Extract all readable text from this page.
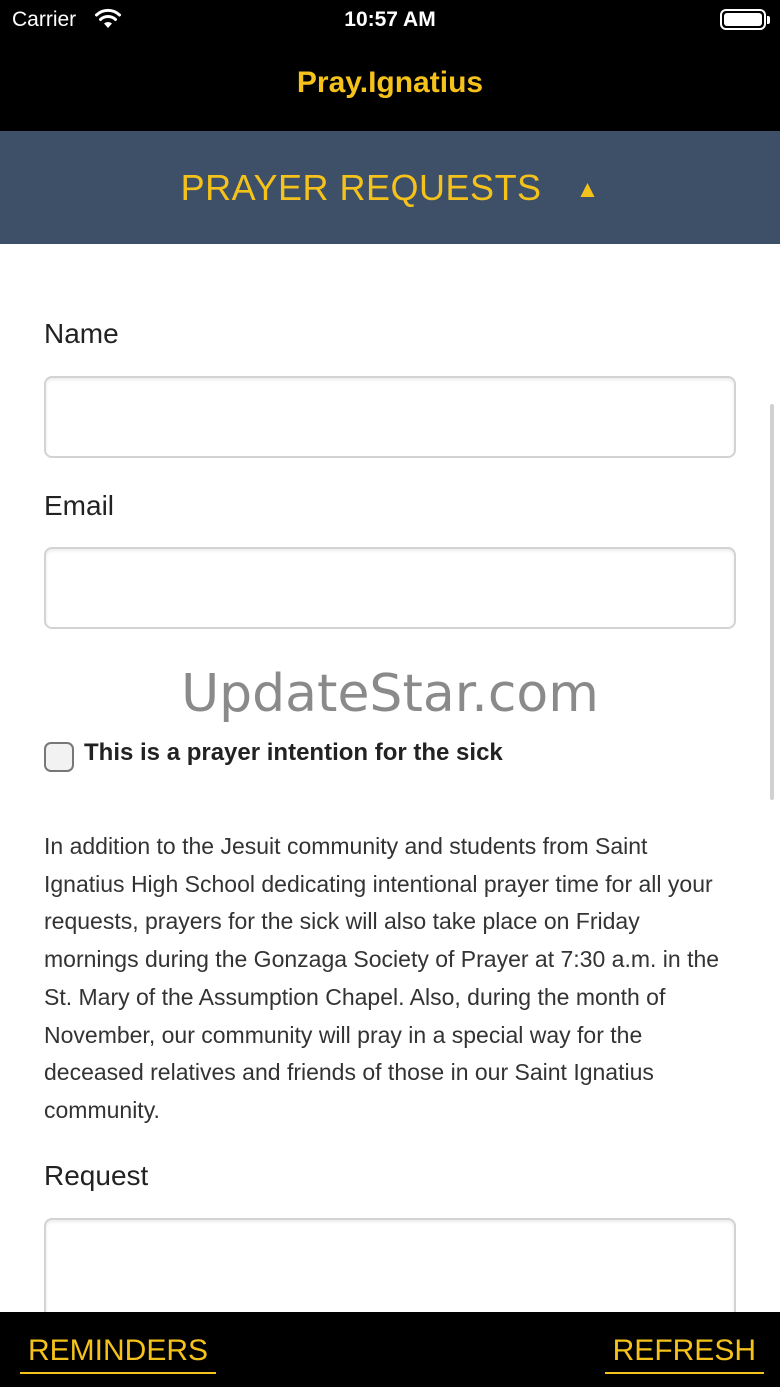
Carrier	10:57 AM
Pray.Ignatius
PRAYER REQUESTS ▲
Name
Email
UpdateStar.com
This is a prayer intention for the sick

In addition to the Jesuit community and students from Saint Ignatius High School dedicating intentional prayer time for all your requests, prayers for the sick will also take place on Friday mornings during the Gonzaga Society of Prayer at 7:30 a.m. in the St. Mary of the Assumption Chapel. Also, during the month of November, our community will pray in a special way for the deceased relatives and friends of those in our Saint Ignatius community.

Request
REMINDERS	REFRESH
